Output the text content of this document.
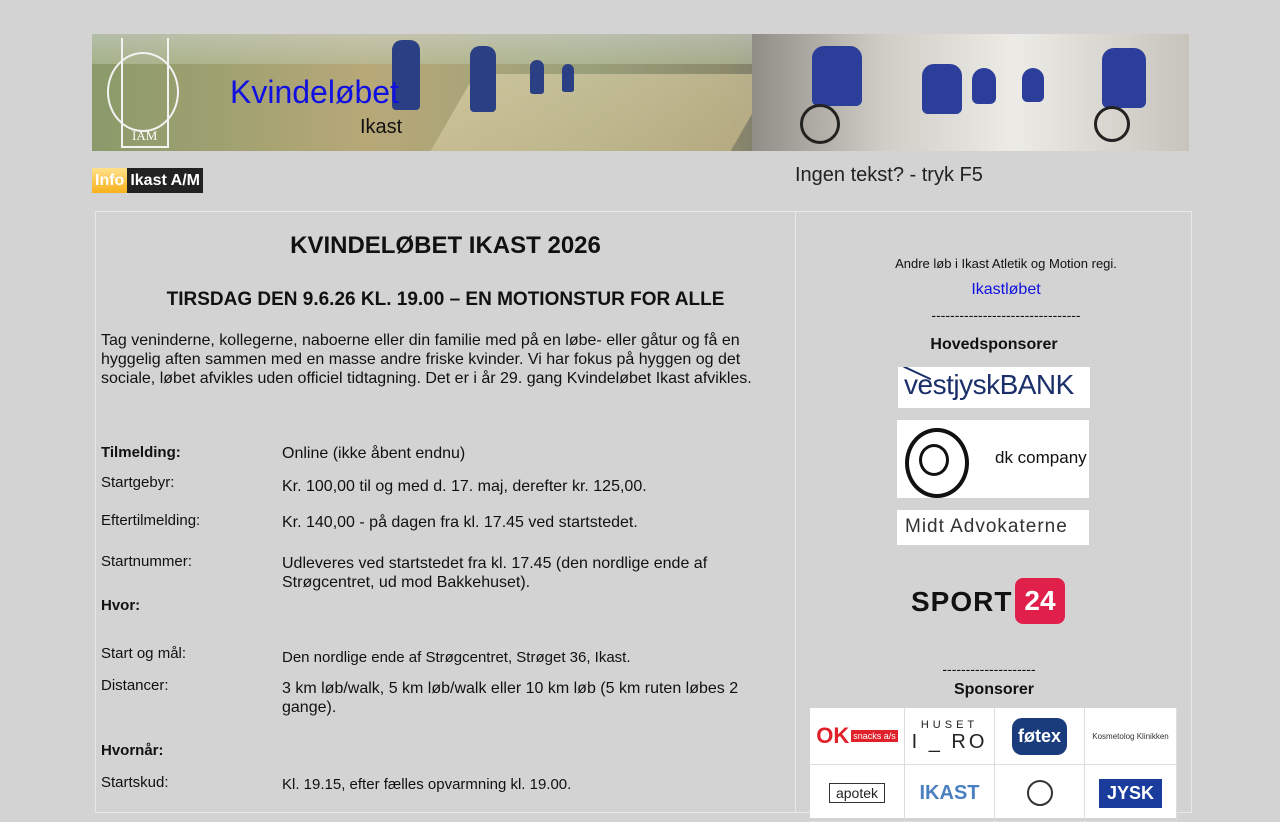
IAM
Kvindeløbet
Ikast
Info Ikast A/M	Ingen tekst? - tryk F5
KVINDELØBET IKAST 2026
TIRSDAG DEN 9.6.26 KL. 19.00 – EN MOTIONSTUR FOR ALLE
Tag veninderne, kollegerne, naboerne eller din familie med på en løbe- eller gåtur og få en hyggelig aften sammen med en masse andre friske kvinder. Vi har fokus på hyggen og det sociale, løbet afvikles uden officiel tidtagning. Det er i år 29. gang Kvindeløbet Ikast afvikles.
Tilmelding:	Online (ikke åbent endnu)
Startgebyr:	Kr. 100,00 til og med d. 17. maj, derefter kr. 125,00.
Eftertilmelding:	Kr. 140,00 - på dagen fra kl. 17.45 ved startstedet.
Startnummer:	Udleveres ved startstedet fra kl. 17.45 (den nordlige ende af Strøgcentret, ud mod Bakkehuset).
Hvor:
Start og mål:	Den nordlige ende af Strøgcentret, Strøget 36, Ikast.
Distancer:	3 km løb/walk, 5 km løb/walk eller 10 km løb (5 km ruten løbes 2 gange).
Hvornår:
Startskud:	Kl. 19.15, efter fælles opvarmning kl. 19.00.
Andre løb i Ikast Atletik og Motion regi.
Ikastløbet
--------------------------------
Hovedsponsorer
vestjyskBANK
dk company
Midt Advokaterne
SPORT 24
--------------------
Sponsorer
OK snacks a/s
HUSET
I _ RO	føtex	Kosmetolog Klinikken
apotek	IKAST	JYSK
